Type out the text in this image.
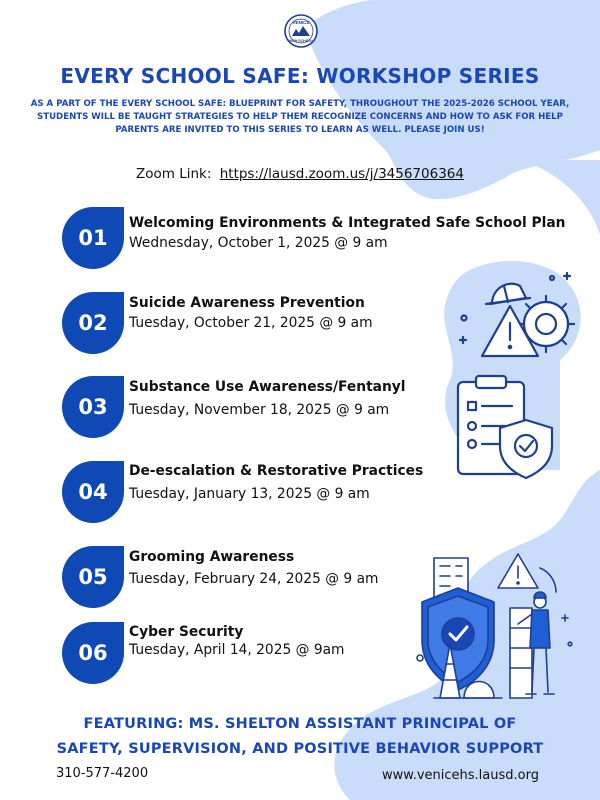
VENICE
HIGH SCHOOL
EVERY SCHOOL SAFE: WORKSHOP SERIES
AS A PART OF THE EVERY SCHOOL SAFE: BLUEPRINT FOR SAFETY, THROUGHOUT THE 2025-2026 SCHOOL YEAR,
STUDENTS WILL BE TAUGHT STRATEGIES TO HELP THEM RECOGNIZE CONCERNS AND HOW TO ASK FOR HELP
PARENTS ARE INVITED TO THIS SERIES TO LEARN AS WELL. PLEASE JOIN US!
Zoom Link: https://lausd.zoom.us/j/3456706364
01
Welcoming Environments & Integrated Safe School Plan
Wednesday, October 1, 2025 @ 9 am
02
Suicide Awareness Prevention
Tuesday, October 21, 2025 @ 9 am
03
Substance Use Awareness/Fentanyl
Tuesday, November 18, 2025 @ 9 am
04
De-escalation & Restorative Practices
Tuesday, January 13, 2025 @ 9 am
05
Grooming Awareness
Tuesday, February 24, 2025 @ 9 am
06
Cyber Security
Tuesday, April 14, 2025 @ 9am
FEATURING: MS. SHELTON ASSISTANT PRINCIPAL OF
SAFETY, SUPERVISION, AND POSITIVE BEHAVIOR SUPPORT
310-577-4200	www.venicehs.lausd.org
